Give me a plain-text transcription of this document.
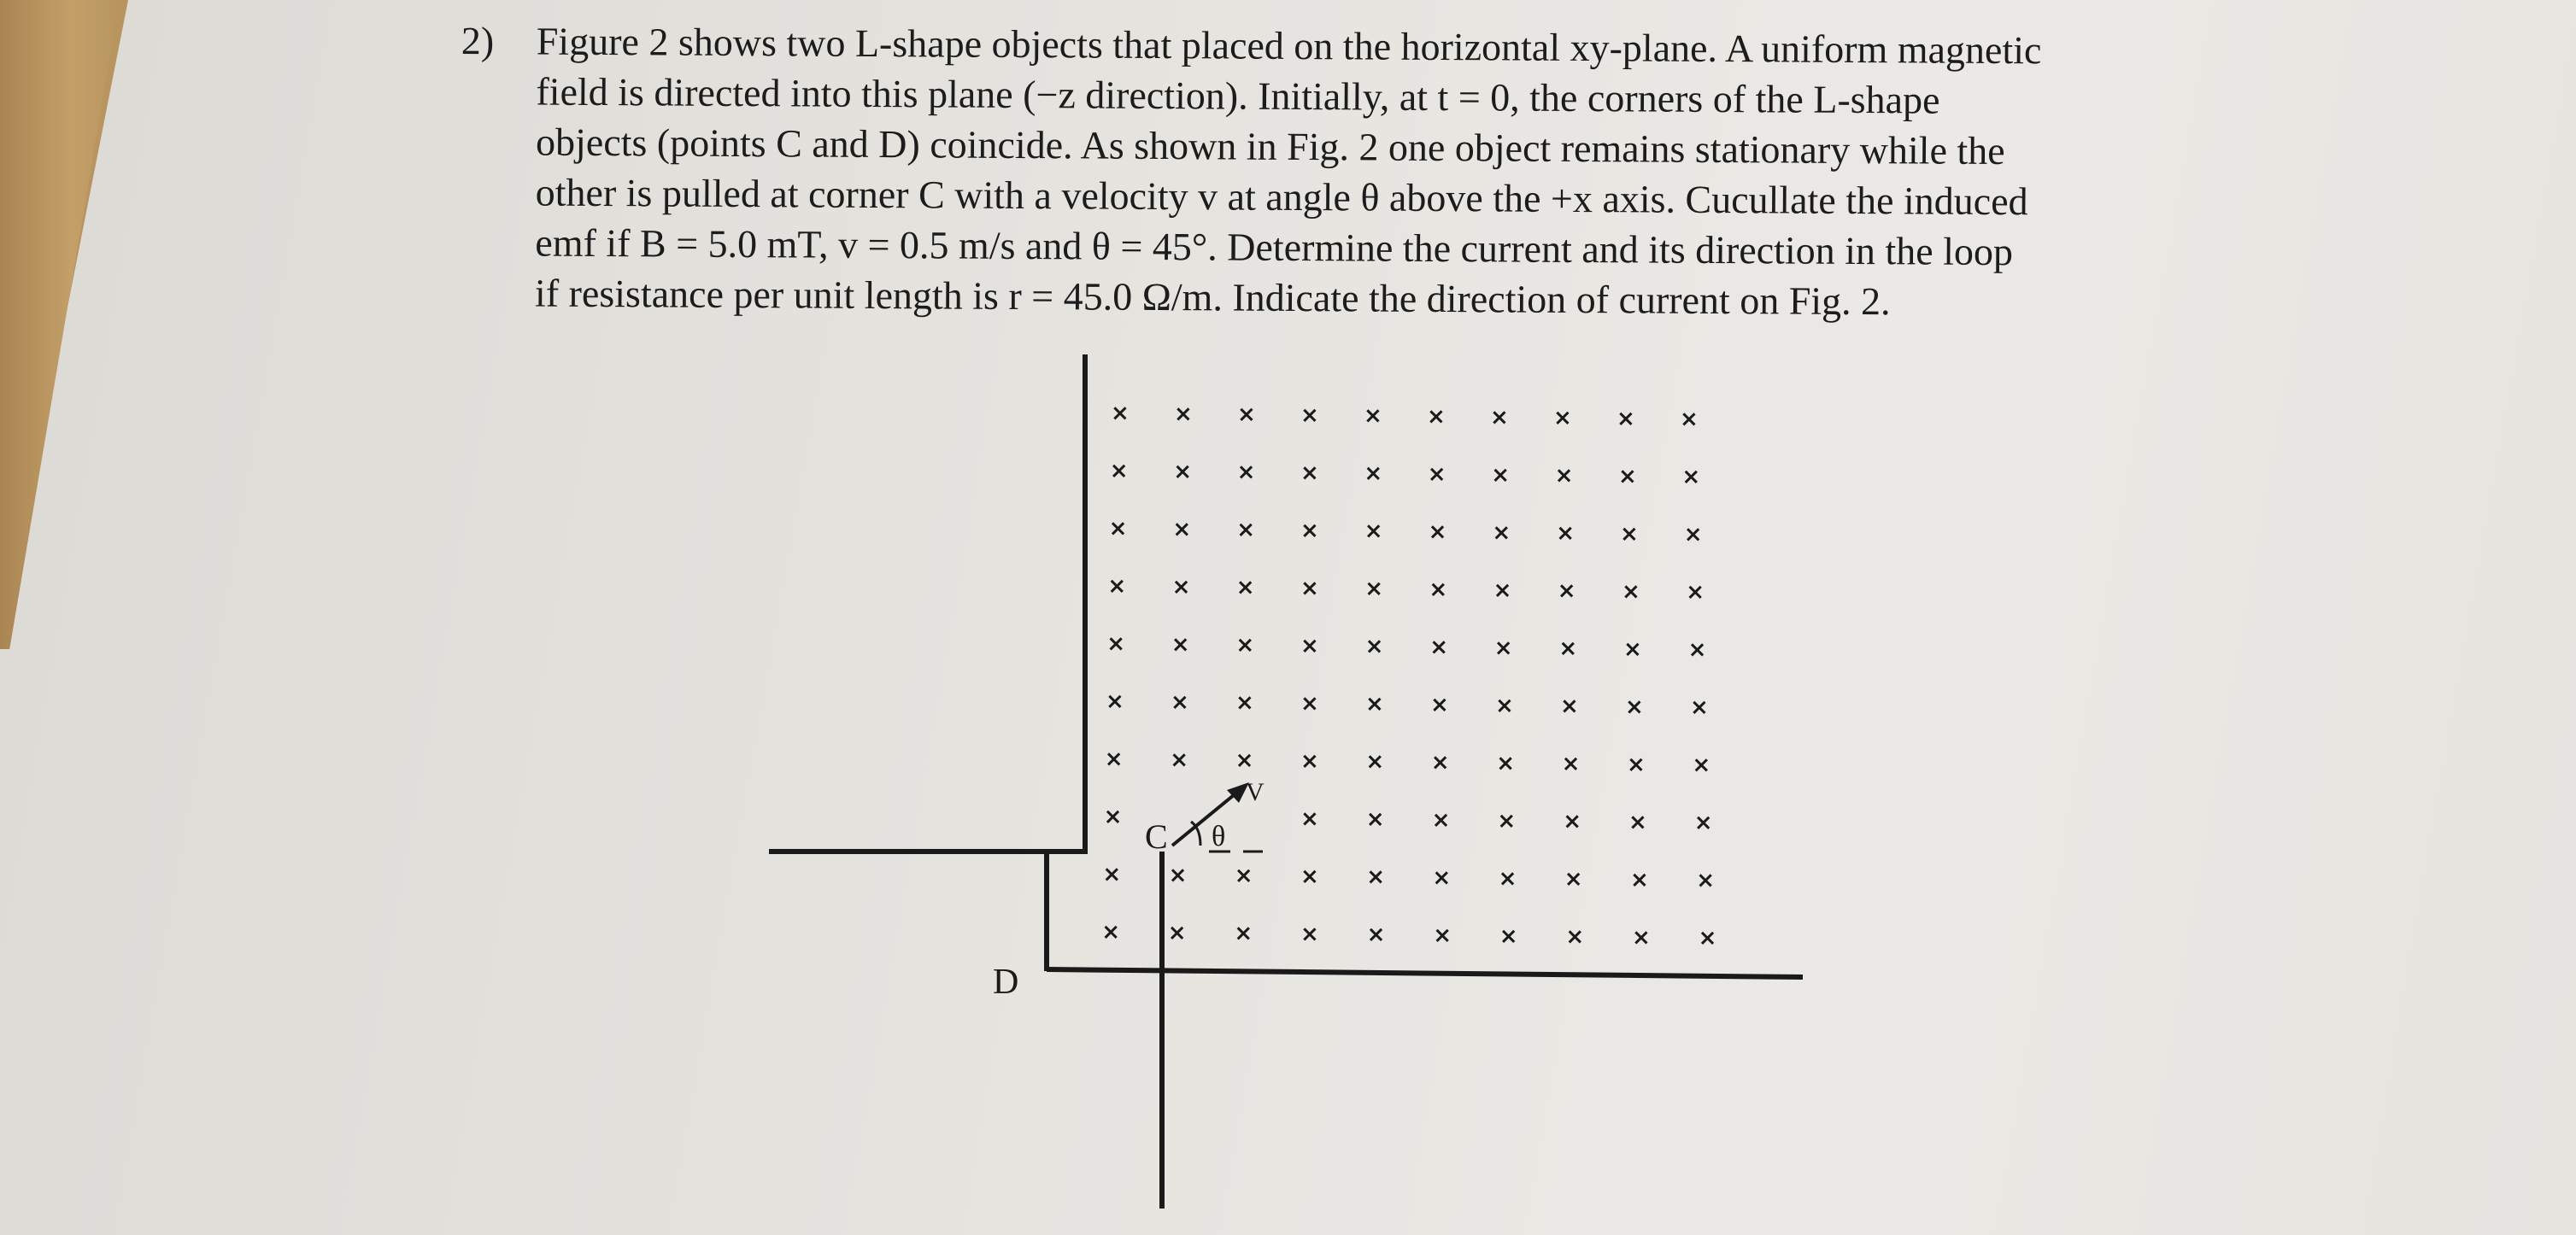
2) Figure 2 shows two L-shape objects that placed on the horizontal xy-plane. A uniform magnetic
field is directed into this plane (−z direction). Initially, at t = 0, the corners of the L-shape
objects (points C and D) coincide. As shown in Fig. 2 one object remains stationary while the
other is pulled at corner C with a velocity v at angle θ above the +x axis. Cucullate the induced
emf if B = 5.0 mT, v = 0.5 m/s and θ = 45°. Determine the current and its direction in the loop
if resistance per unit length is r = 45.0 Ω/m. Indicate the direction of current on Fig. 2.
× × × × × × × × × ×
× × × × × × × × × ×
× × × × × × × × × ×
× × × × × × × × × ×
× × × × × × × × × ×
× × × × × × × × × ×
× × × × × × × × × ×
×	× × × × × × ×
× × × × × × × × × ×
× × × × × × × × × ×
C
D
V
θ
